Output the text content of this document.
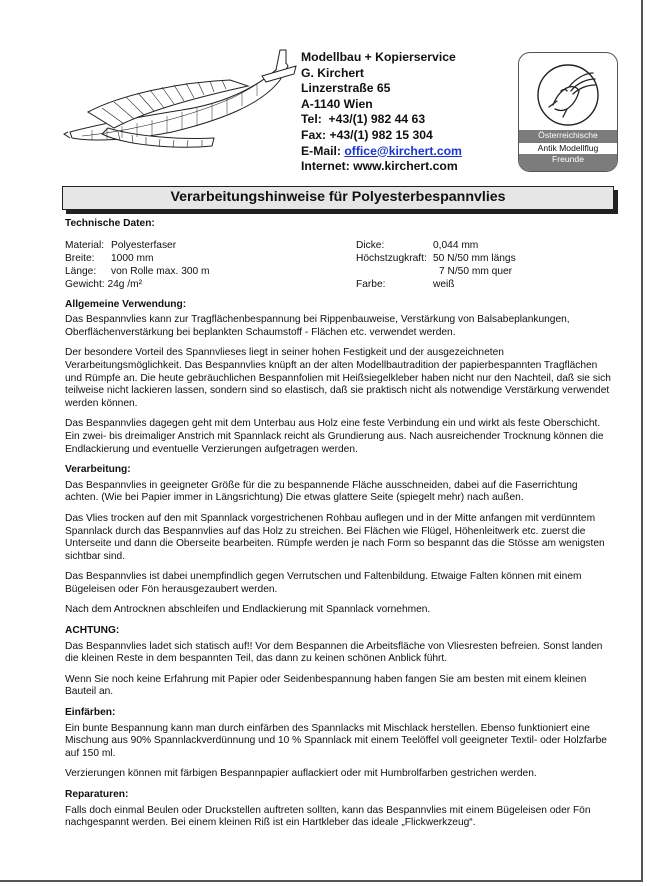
Modellbau + Kopierservice
G. Kirchert
Linzerstraße 65
A-1140 Wien
Tel: +43/(1) 982 44 63
Fax: +43/(1) 982 15 304
E-Mail: office@kirchert.com
Internet: www.kirchert.com
Österreichische
Antik Modellflug
Freunde
Verarbeitungshinweise für Polyesterbespannvlies
Technische Daten:
Material: Polyesterfaser
Breite: 1000 mm
Länge: von Rolle max. 300 m
Gewicht: 24g /m²
Dicke:	0,044 mm
Höchstzugkraft: 50 N/50 mm längs
7 N/50 mm quer
Farbe:	weiß
Allgemeine Verwendung:
Das Bespannvlies kann zur Tragflächenbespannung bei Rippenbauweise, Verstärkung von Balsabeplankungen, Oberflächenverstärkung bei beplankten Schaumstoff - Flächen etc. verwendet werden.
Der besondere Vorteil des Spannvlieses liegt in seiner hohen Festigkeit und der ausgezeichneten Verarbeitungsmöglichkeit. Das Bespannvlies knüpft an der alten Modellbautradition der papierbespannten Tragflächen und Rümpfe an. Die heute gebräuchlichen Bespannfolien mit Heißsiegelkleber haben nicht nur den Nachteil, daß sie sich teilweise nicht lackieren lassen, sondern sind so elastisch, daß sie praktisch nicht als notwendige Verstärkung verwendet werden können.
Das Bespannvlies dagegen geht mit dem Unterbau aus Holz eine feste Verbindung ein und wirkt als feste Oberschicht. Ein zwei- bis dreimaliger Anstrich mit Spannlack reicht als Grundierung aus. Nach ausreichender Trocknung können die Endlackierung und eventuelle Verzierungen aufgetragen werden.
Verarbeitung:
Das Bespannvlies in geeigneter Größe für die zu bespannende Fläche ausschneiden, dabei auf die Faserrichtung achten. (Wie bei Papier immer in Längsrichtung) Die etwas glattere Seite (spiegelt mehr) nach außen.
Das Vlies trocken auf den mit Spannlack vorgestrichenen Rohbau auflegen und in der Mitte anfangen mit verdünntem Spannlack durch das Bespannvlies auf das Holz zu streichen. Bei Flächen wie Flügel, Höhenleitwerk etc. zuerst die Unterseite und dann die Oberseite bearbeiten. Rümpfe werden je nach Form so bespannt das die Stösse am wenigsten sichtbar sind.
Das Bespannvlies ist dabei unempfindlich gegen Verrutschen und Faltenbildung. Etwaige Falten können mit einem Bügeleisen oder Fön herausgezaubert werden.
Nach dem Antrocknen abschleifen und Endlackierung mit Spannlack vornehmen.
ACHTUNG:
Das Bespannvlies ladet sich statisch auf!! Vor dem Bespannen die Arbeitsfläche von Vliesresten befreien. Sonst landen die kleinen Reste in dem bespannten Teil, das dann zu keinen schönen Anblick führt.
Wenn Sie noch keine Erfahrung mit Papier oder Seidenbespannung haben fangen Sie am besten mit einem kleinen Bauteil an.
Einfärben:
Ein bunte Bespannung kann man durch einfärben des Spannlacks mit Mischlack herstellen. Ebenso funktioniert eine Mischung aus 90% Spannlackverdünnung und 10 % Spannlack mit einem Teelöffel voll geeigneter Textil- oder Holzfarbe auf 150 ml.
Verzierungen können mit färbigen Bespannpapier auflackiert oder mit Humbrolfarben gestrichen werden.
Reparaturen:
Falls doch einmal Beulen oder Druckstellen auftreten sollten, kann das Bespannvlies mit einem Bügeleisen oder Fön nachgespannt werden. Bei einem kleinen Riß ist ein Hartkleber das ideale „Flickwerkzeug“.
